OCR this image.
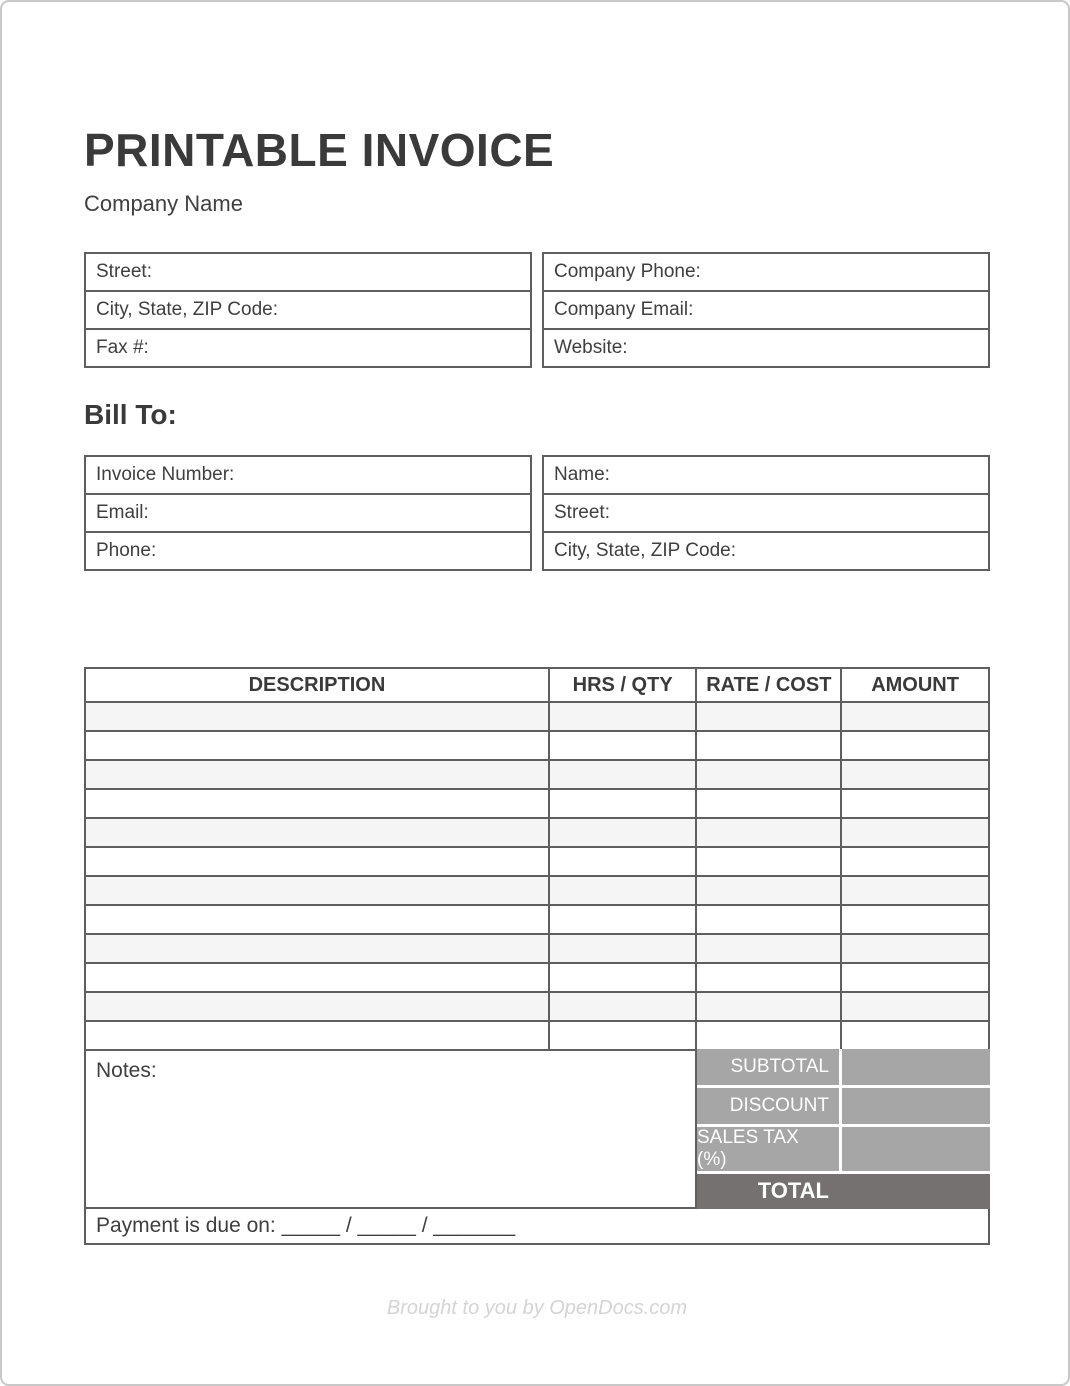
PRINTABLE INVOICE
Company Name
Street:
City, State, ZIP Code:
Fax #:
Company Phone:
Company Email:
Website:
Bill To:
Invoice Number:
Email:
Phone:
Name:
Street:
City, State, ZIP Code:
DESCRIPTION	HRS / QTY	RATE / COST	AMOUNT

Notes:	SUBTOTAL
DISCOUNT
SALES TAX (%)
TOTAL
Payment is due on: _____ / _____ / _______
Brought to you by OpenDocs.com
